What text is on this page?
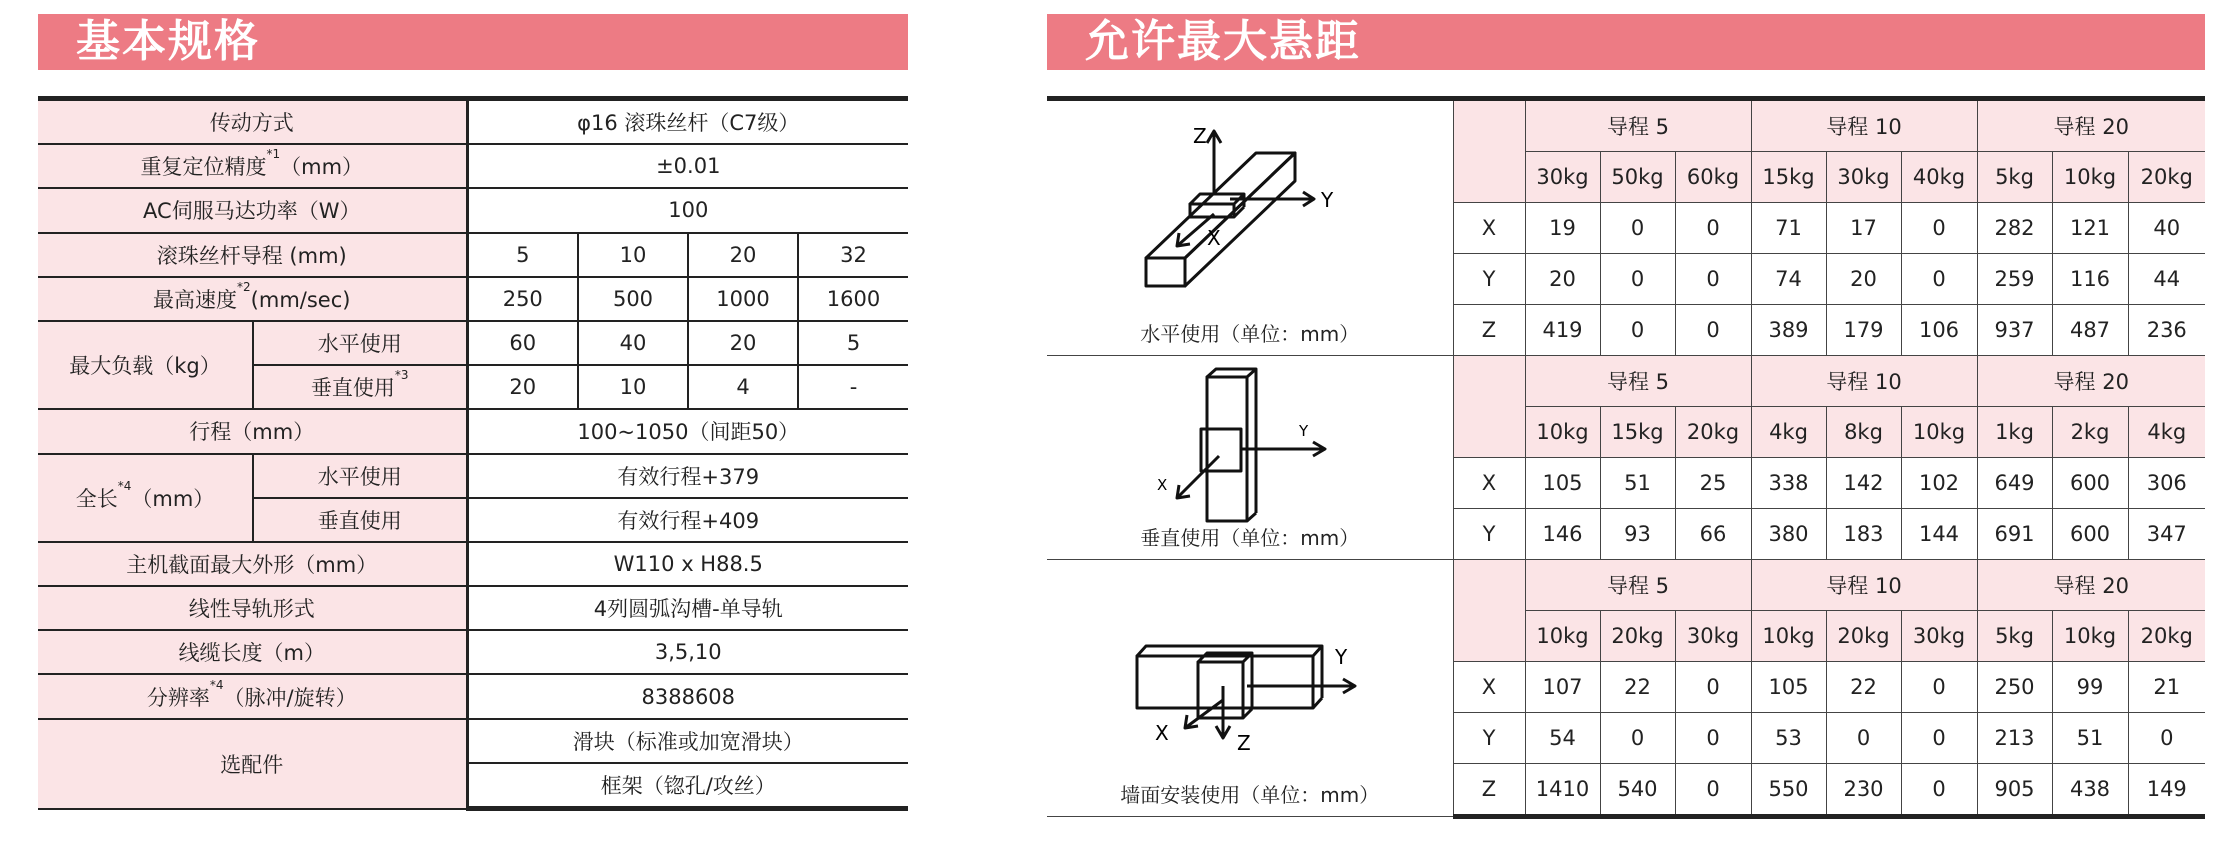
基本规格
传动方式		φ16 滚珠丝杆（C7级）			
重复定位精度$^{*1}$（mm）		±0.01			
AC伺服马达功率（W）		100			
滚珠丝杆导程 (mm)		5	10	20	32
最高速度$^{*2}$(mm/sec)		250	500	1000	1600
最大负载（kg）	水平使用	60	40	20	5
	垂直使用$^{*3}$	20	10	4	-
行程（mm）		100~1050（间距50）			
全长$^{*4}$（mm）	水平使用	有效行程+379			
	垂直使用	有效行程+409			
主机截面最大外形（mm）		W110 x H88.5			
线性导轨形式		4列圆弧沟槽-单导轨			
线缆长度（m）		3,5,10			
分辨率$^{*4}$（脉冲/旋转）		8388608			
选配件		滑块（标准或加宽滑块）			
		框架（锪孔/攻丝）			
允许最大悬距
Z
Y
X
水平使用（单位：mm）		导程 5			导程 10			导程 20		
		30kg	50kg	60kg	15kg	30kg	40kg	5kg	10kg	20kg
	X	19	0	0	71	17	0	282	121	40
	Y	20	0	0	74	20	0	259	116	44
	Z	419	0	0	389	179	106	937	487	236

Y
X
垂直使用（单位：mm）		导程 5			导程 10			导程 20		
		10kg	15kg	20kg	4kg	8kg	10kg	1kg	2kg	4kg
	X	105	51	25	338	142	102	649	600	306
	Y	146	93	66	380	183	144	691	600	347

Y
X Z
墙面安装使用（单位：mm）		导程 5			导程 10			导程 20		
		10kg	20kg	30kg	10kg	20kg	30kg	5kg	10kg	20kg
	X	107	22	0	105	22	0	250	99	21
	Y	54	0	0	53	0	0	213	51	0
	Z	1410	540	0	550	230	0	905	438	149
